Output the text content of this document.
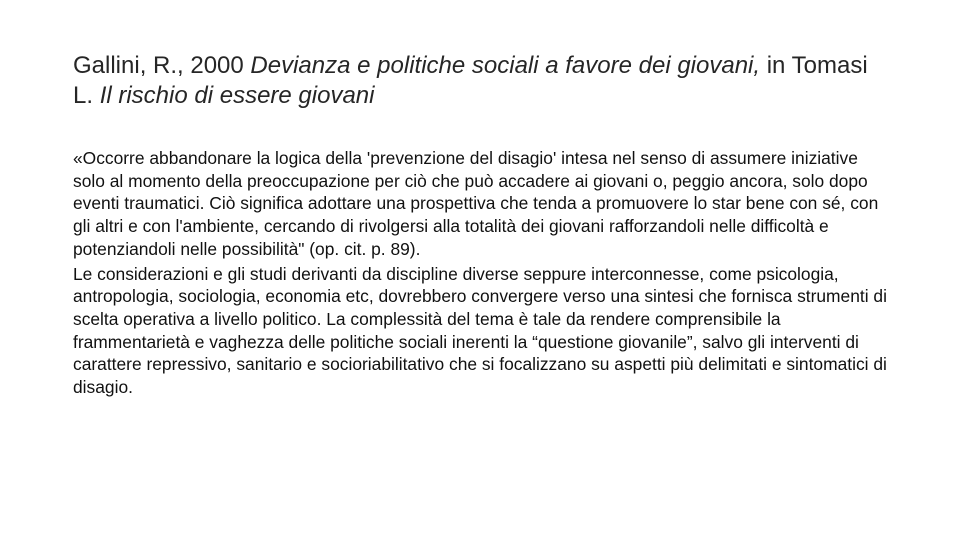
Gallini, R., 2000 Devianza e politiche sociali a favore dei giovani, in Tomasi L. Il rischio di essere giovani

«Occorre abbandonare la logica della 'prevenzione del disagio' intesa nel senso di assumere iniziative solo al momento della preoccupazione per ciò che può accadere ai giovani o, peggio ancora, solo dopo eventi traumatici. Ciò significa adottare una prospettiva che tenda a promuovere lo star bene con sé, con gli altri e con l'ambiente, cercando di rivolgersi alla totalità dei giovani rafforzandoli nelle difficoltà e potenziandoli nelle possibilità" (op. cit. p. 89).

Le considerazioni e gli studi derivanti da discipline diverse seppure interconnesse, come psicologia, antropologia, sociologia, economia etc, dovrebbero convergere verso una sintesi che fornisca strumenti di scelta operativa a livello politico. La complessità del tema è tale da rendere comprensibile la frammentarietà e vaghezza delle politiche sociali inerenti la “questione giovanile”, salvo gli interventi di carattere repressivo, sanitario e socioriabilitativo che si focalizzano su aspetti più delimitati e sintomatici di disagio.
